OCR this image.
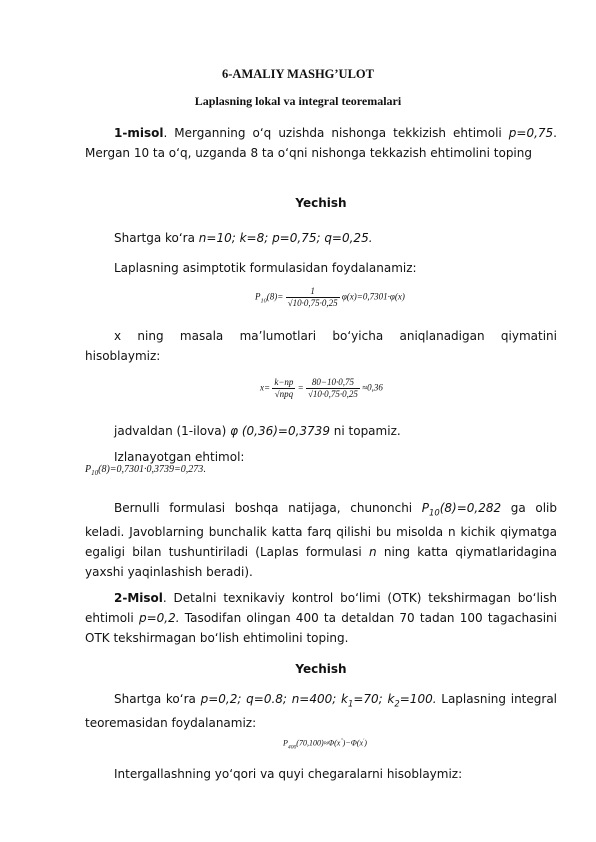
6-AMALIY MASHG’ULOT
Laplasning lokal va integral teoremalari
1-misol. Merganning o‘q uzishda nishonga tekkizish ehtimoli p=0,75. Mergan 10 ta o‘q, uzganda 8 ta o‘qni nishonga tekkazish ehtimolini toping
Yechish
Shartga ko‘ra n=10; k=8; p=0,75; q=0,25.
Laplasning asimptotik formulasidan foydalanamiz:
$P_{10}(8)= \frac{1}{√10\cdot 0,75\cdot 0,25} \varphi(x)=0,7301\cdot\varphi(x)$
x ning masala ma’lumotlari bo‘yicha aniqlanadigan qiymatini hisoblaymiz:
$x= \frac{k-np}{\text{√npq}} = \frac{80-10\cdot 0,75}{√10\cdot 0,75\cdot 0,25} \approx 0,36$
jadvaldan (1-ilova) φ (0,36)=0,3739 ni topamiz.
Izlanayotgan ehtimol:
$P_{10}(8)=0,7301\cdot 0,3739=0,273$.
Bernulli formulasi boshqa natijaga, chunonchi $P_{10}(8)=0,282$ ga olib keladi. Javoblarning bunchalik katta farq qilishi bu misolda n kichik qiymatga egaligi bilan tushuntiriladi (Laplas formulasi n ning katta qiymatlaridagina yaxshi yaqinlashish beradi).
2-Misol. Detalni texnikaviy kontrol bo‘limi (OTK) tekshirmagan bo‘lish ehtimoli p=0,2. Tasodifan olingan 400 ta detaldan 70 tadan 100 tagachasini OTK tekshirmagan bo‘lish ehtimolini toping.
Yechish
Shartga ko‘ra p=0,2; q=0.8; n=400; $k_1=70$; $k_2=100$. Laplasning integral teoremasidan foydalanamiz:
$P_{400}(70,100)\approx\Phi(x'')-\Phi(x')$
Intergallashning yo‘qori va quyi chegaralarni hisoblaymiz:
